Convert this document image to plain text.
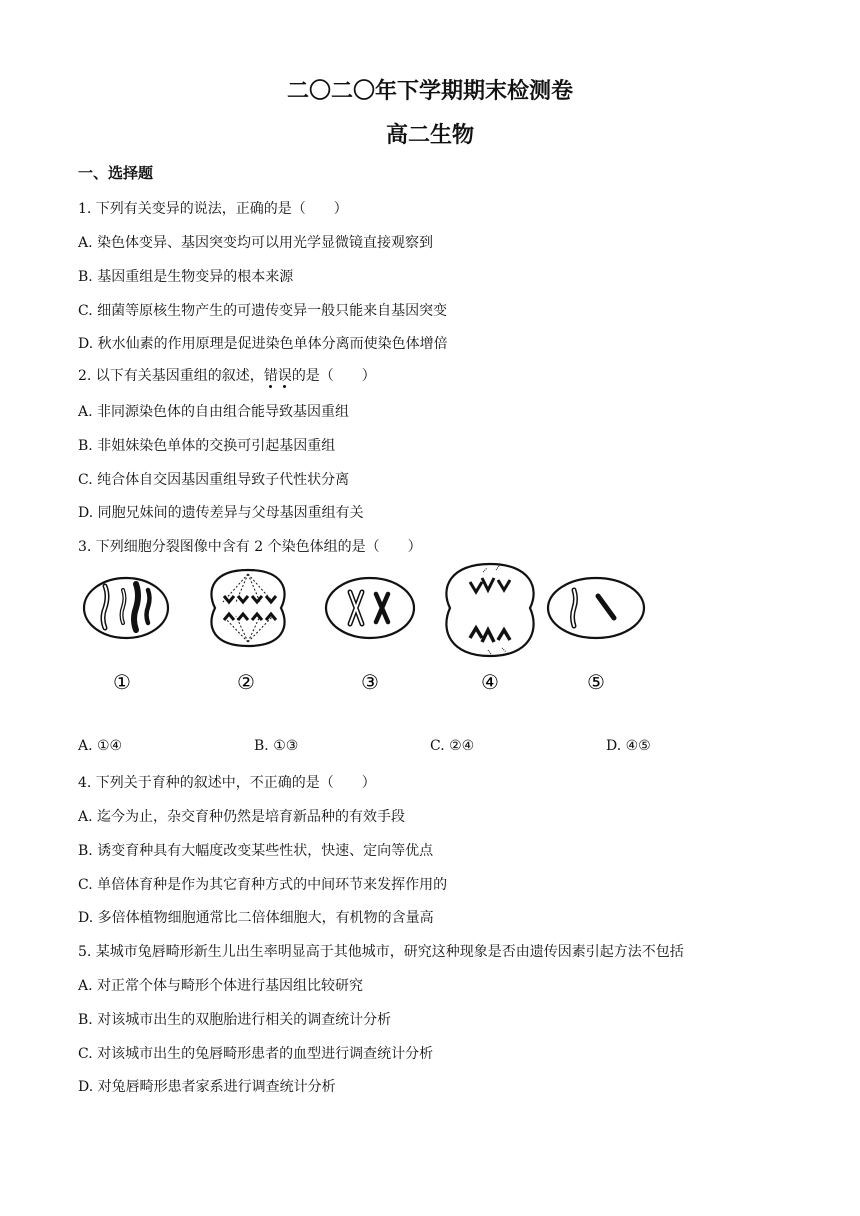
二〇二〇年下学期期末检测卷
高二生物
一、选择题
1. 下列有关变异的说法，正确的是（　　）
A. 染色体变异、基因突变均可以用光学显微镜直接观察到
B. 基因重组是生物变异的根本来源
C. 细菌等原核生物产生的可遗传变异一般只能来自基因突变
D. 秋水仙素的作用原理是促进染色单体分离而使染色体增倍
2. 以下有关基因重组的叙述，错误的是（　　）
A. 非同源染色体的自由组合能导致基因重组
B. 非姐妹染色单体的交换可引起基因重组
C. 纯合体自交因基因重组导致子代性状分离
D. 同胞兄妹间的遗传差异与父母基因重组有关
3. 下列细胞分裂图像中含有 2 个染色体组的是（　　）
①	②	③	④	⑤
A. ①④	B. ①③	C. ②④	D. ④⑤
4. 下列关于育种的叙述中，不正确的是（　　）
A. 迄今为止，杂交育种仍然是培育新品种的有效手段
B. 诱变育种具有大幅度改变某些性状，快速、定向等优点
C. 单倍体育种是作为其它育种方式的中间环节来发挥作用的
D. 多倍体植物细胞通常比二倍体细胞大，有机物的含量高
5. 某城市兔唇畸形新生儿出生率明显高于其他城市，研究这种现象是否由遗传因素引起方法不包括
A. 对正常个体与畸形个体进行基因组比较研究
B. 对该城市出生的双胞胎进行相关的调查统计分析
C. 对该城市出生的兔唇畸形患者的血型进行调查统计分析
D. 对兔唇畸形患者家系进行调查统计分析
